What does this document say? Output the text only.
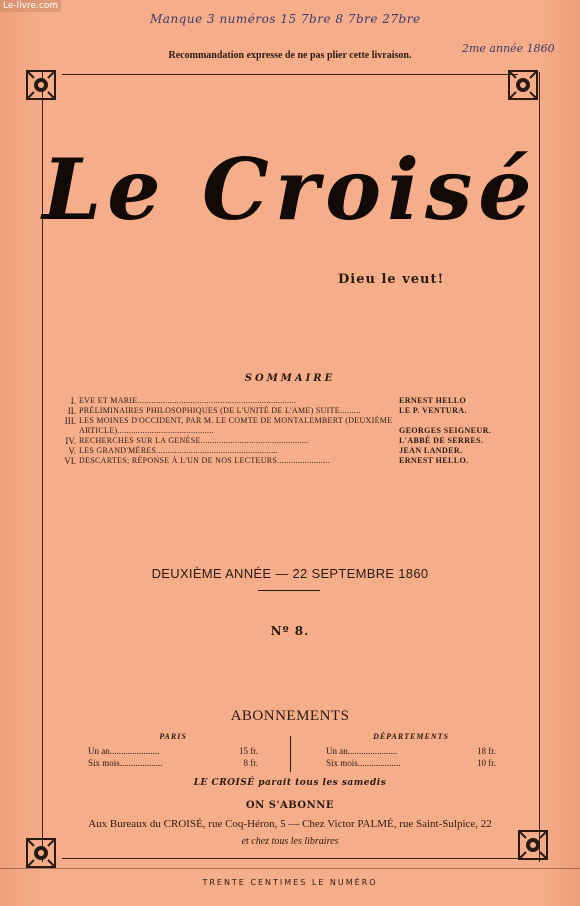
Le-livre.com
Manque 3 numéros 15 7bre 8 7bre 27bre
2me année 1860
Recommandation expresse de ne pas plier cette livraison.
Le Croisé
Dieu le veut!
SOMMAIRE
I. EVE ET MARIE.....................................................................	ERNEST HELLO
II. PRÉLIMINAIRES PHILOSOPHIQUES (DE L'UNITÉ DE L'AME) SUITE.........	LE P. VENTURA.
III. LES MOINES D'OCCIDENT, PAR M. LE COMTE DE MONTALEMBERT (DEUXIÈME ARTICLE)..........................................	GEORGES SEIGNEUR.
IV. RECHERCHES SUR LA GENÈSE...............................................	L'ABBÉ DE SERRES.
V. LES GRAND'MÈRES.....................................................	JEAN LANDER.
VI. DESCARTES; RÉPONSE À L'UN DE NOS LECTEURS.......................	ERNEST HELLO.
DEUXIÈME ANNÉE — 22 SEPTEMBRE 1860
Nº 8.
ABONNEMENTS
PARIS
Un an......................	15 fr.
Six mois...................	8 fr.
DÉPARTEMENTS
Un an......................	18 fr.
Six mois...................	10 fr.
LE CROISÉ parait tous les samedis
ON S'ABONNE
Aux Bureaux du CROISÉ, rue Coq-Héron, 5 — Chez Victor PALMÉ, rue Saint-Sulpice, 22
et chez tous les libraires
TRENTE CENTIMES LE NUMÉRO
